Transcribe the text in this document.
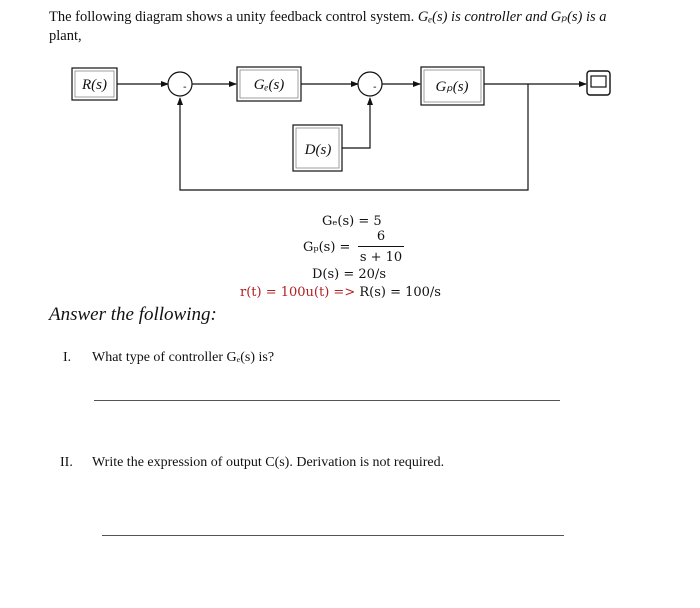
The following diagram shows a unity feedback control system. Gₑ(s) is controller and Gₚ(s) is a
plant,
R(s)	-	Gₑ(s)	-	Gₚ(s)
D(s)
Gₑ(s) = 5
Gₚ(s) =
6
s + 10
D(s) = 20/s
r(t) = 100u(t) => R(s) = 100/s
Answer the following:
I. What type of controller Gₑ(s) is?
II. Write the expression of output C(s). Derivation is not required.
